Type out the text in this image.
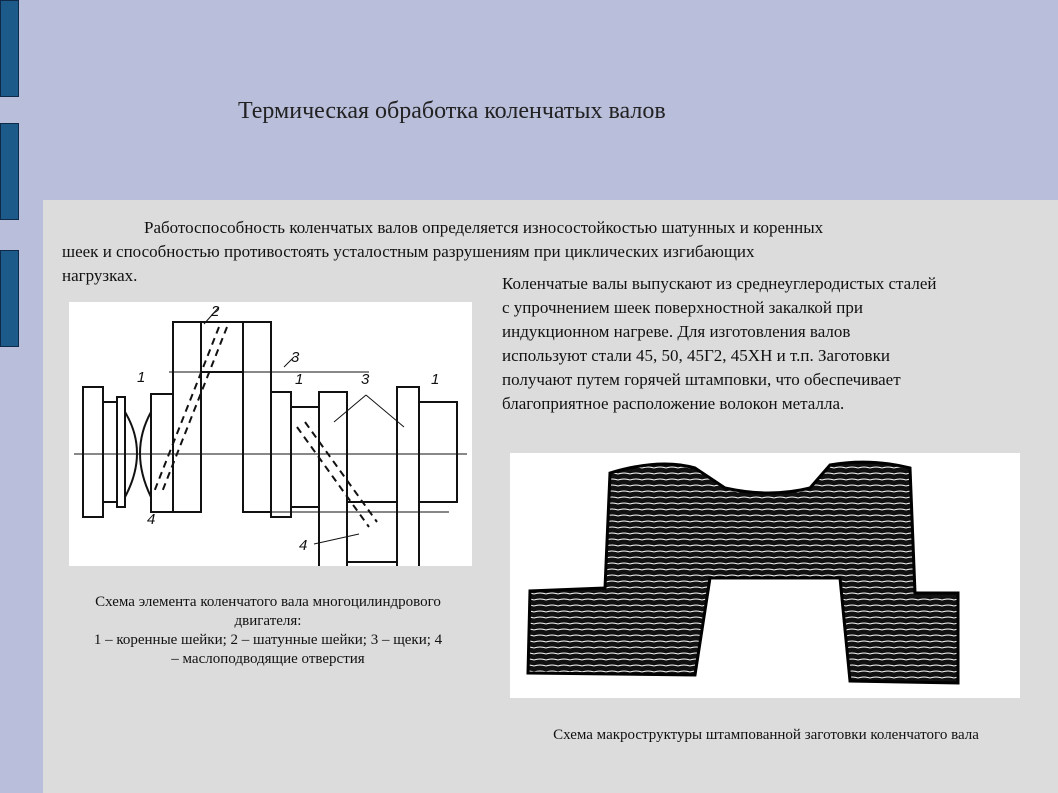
Термическая обработка коленчатых валов
Работоспособность коленчатых валов определяется износостойкостью шатунных и коренных
шеек и способностью противостоять усталостным разрушениям при циклических изгибающих
нагрузках.	Коленчатые валы выпускают из среднеуглеродистых сталей
с упрочнением шеек поверхностной закалкой при
индукционном нагреве. Для изготовления валов
используют стали 45, 50, 45Г2, 45ХН и т.п. Заготовки
получают путем горячей штамповки, что обеспечивает
благоприятное расположение волокон металла.
1
2
3
1	3	1
4
4
Схема элемента коленчатого вала многоцилиндрового
двигателя:
1 – коренные шейки; 2 – шатунные шейки; 3 – щеки; 4
– маслоподводящие отверстия
Схема макроструктуры штампованной заготовки коленчатого вала
